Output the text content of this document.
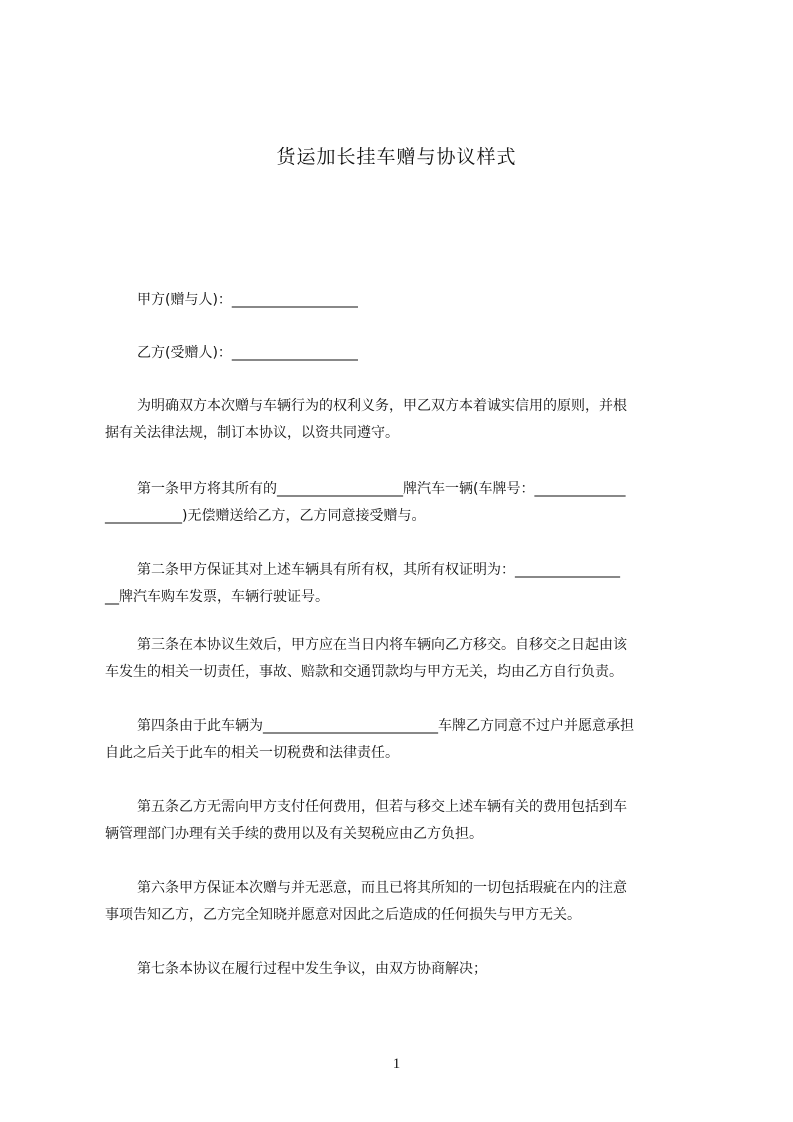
货运加长挂车赠与协议样式
甲方(赠与人)：__________________
乙方(受赠人)：__________________
为明确双方本次赠与车辆行为的权利义务，甲乙双方本着诚实信用的原则，并根
据有关法律法规，制订本协议，以资共同遵守。
第一条甲方将其所有的__________________牌汽车一辆(车牌号：_____________
___________)无偿赠送给乙方，乙方同意接受赠与。
第二条甲方保证其对上述车辆具有所有权，其所有权证明为：_______________
__牌汽车购车发票，车辆行驶证号。
第三条在本协议生效后，甲方应在当日内将车辆向乙方移交。自移交之日起由该
车发生的相关一切责任，事故、赔款和交通罚款均与甲方无关，均由乙方自行负责。
第四条由于此车辆为_________________________车牌乙方同意不过户并愿意承担
自此之后关于此车的相关一切税费和法律责任。
第五条乙方无需向甲方支付任何费用，但若与移交上述车辆有关的费用包括到车
辆管理部门办理有关手续的费用以及有关契税应由乙方负担。
第六条甲方保证本次赠与并无恶意，而且已将其所知的一切包括瑕疵在内的注意
事项告知乙方，乙方完全知晓并愿意对因此之后造成的任何损失与甲方无关。
第七条本协议在履行过程中发生争议，由双方协商解决；
1
